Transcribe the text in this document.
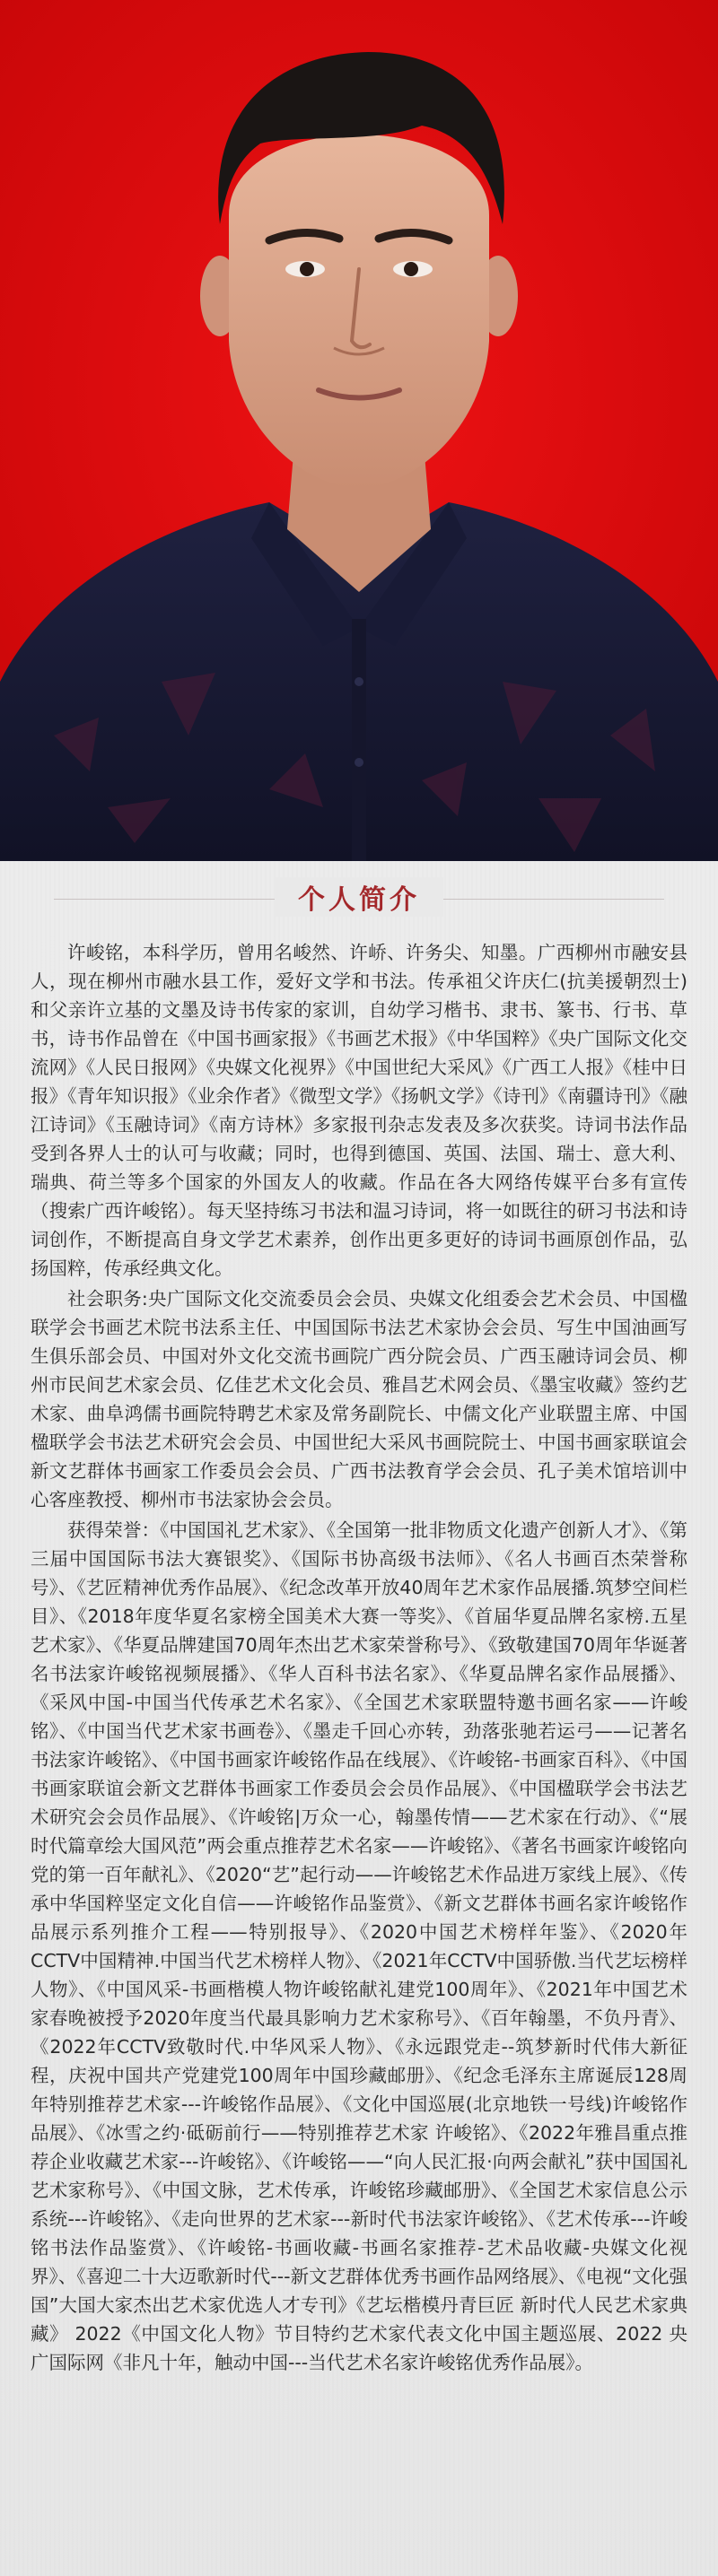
个人简介

许峻铭，本科学历，曾用名峻然、许峤、许务尖、知墨。广西柳州市融安县人，现在柳州市融水县工作，爱好文学和书法。传承祖父许庆仁(抗美援朝烈士)和父亲许立基的文墨及诗书传家的家训，自幼学习楷书、隶书、篆书、行书、草书，诗书作品曾在《中国书画家报》《书画艺术报》《中华国粹》《央广国际文化交流网》《人民日报网》《央媒文化视界》《中国世纪大采风》《广西工人报》《桂中日报》《青年知识报》《业余作者》《微型文学》《扬帆文学》《诗刊》《南疆诗刊》《融江诗词》《玉融诗词》《南方诗林》多家报刊杂志发表及多次获奖。诗词书法作品受到各界人士的认可与收藏；同时，也得到德国、英国、法国、瑞士、意大利、瑞典、荷兰等多个国家的外国友人的收藏。作品在各大网络传媒平台多有宣传（搜索广西许峻铭）。每天坚持练习书法和温习诗词，将一如既往的研习书法和诗词创作，不断提高自身文学艺术素养，创作出更多更好的诗词书画原创作品，弘扬国粹，传承经典文化。

社会职务:央广国际文化交流委员会会员、央媒文化组委会艺术会员、中国楹联学会书画艺术院书法系主任、中国国际书法艺术家协会会员、写生中国油画写生俱乐部会员、中国对外文化交流书画院广西分院会员、广西玉融诗词会员、柳州市民间艺术家会员、亿佳艺术文化会员、雅昌艺术网会员、《墨宝收藏》签约艺术家、曲阜鸿儒书画院特聘艺术家及常务副院长、中儒文化产业联盟主席、中国楹联学会书法艺术研究会会员、中国世纪大采风书画院院士、中国书画家联谊会新文艺群体书画家工作委员会会员、广西书法教育学会会员、孔子美术馆培训中心客座教授、柳州市书法家协会会员。

获得荣誉：《中国国礼艺术家》、《全国第一批非物质文化遗产创新人才》、《第三届中国国际书法大赛银奖》、《国际书协高级书法师》、《名人书画百杰荣誉称号》、《艺匠精神优秀作品展》、《纪念改革开放40周年艺术家作品展播.筑梦空间栏目》、《2018年度华夏名家榜全国美术大赛一等奖》、《首届华夏品牌名家榜.五星艺术家》、《华夏品牌建国70周年杰出艺术家荣誉称号》、《致敬建国70周年华诞著名书法家许峻铭视频展播》、《华人百科书法名家》、《华夏品牌名家作品展播》、《采风中国-中国当代传承艺术名家》、《全国艺术家联盟特邀书画名家——许峻铭》、《中国当代艺术家书画卷》、《墨走千回心亦转，劲落张驰若运弓——记著名书法家许峻铭》、《中国书画家许峻铭作品在线展》、《许峻铭-书画家百科》、《中国书画家联谊会新文艺群体书画家工作委员会会员作品展》、《中国楹联学会书法艺术研究会会员作品展》、《许峻铭|万众一心，翰墨传情——艺术家在行动》、《“展时代篇章绘大国风范”两会重点推荐艺术名家——许峻铭》、《著名书画家许峻铭向党的第一百年献礼》、《2020“艺”起行动——许峻铭艺术作品进万家线上展》、《传承中华国粹坚定文化自信——许峻铭作品鉴赏》、《新文艺群体书画名家许峻铭作品展示系列推介工程——特别报导》、《2020中国艺术榜样年鉴》、《2020年CCTV中国精神.中国当代艺术榜样人物》、《2021年CCTV中国骄傲.当代艺坛榜样人物》、《中国风采-书画楷模人物许峻铭献礼建党100周年》、《2021年中国艺术家春晚被授予2020年度当代最具影响力艺术家称号》、《百年翰墨，不负丹青》、《2022年CCTV致敬时代.中华风采人物》、《永远跟党走--筑梦新时代伟大新征程，庆祝中国共产党建党100周年中国珍藏邮册》、《纪念毛泽东主席诞辰128周年特别推荐艺术家---许峻铭作品展》、《文化中国巡展(北京地铁一号线)许峻铭作品展》、《冰雪之约·砥砺前行——特别推荐艺术家 许峻铭》、《2022年雅昌重点推荐企业收藏艺术家---许峻铭》、《许峻铭——“向人民汇报·向两会献礼”获中国国礼艺术家称号》、《中国文脉，艺术传承，许峻铭珍藏邮册》、《全国艺术家信息公示系统---许峻铭》、《走向世界的艺术家---新时代书法家许峻铭》、《艺术传承---许峻铭书法作品鉴赏》、《许峻铭-书画收藏-书画名家推荐-艺术品收藏-央媒文化视界》、《喜迎二十大迈歌新时代---新文艺群体优秀书画作品网络展》、《电视“文化强国”大国大家杰出艺术家优选人才专刊》《艺坛楷模丹青巨匠 新时代人民艺术家典藏》 2022《中国文化人物》节目特约艺术家代表文化中国主题巡展、2022 央广国际网《非凡十年，触动中国---当代艺术名家许峻铭优秀作品展》。
